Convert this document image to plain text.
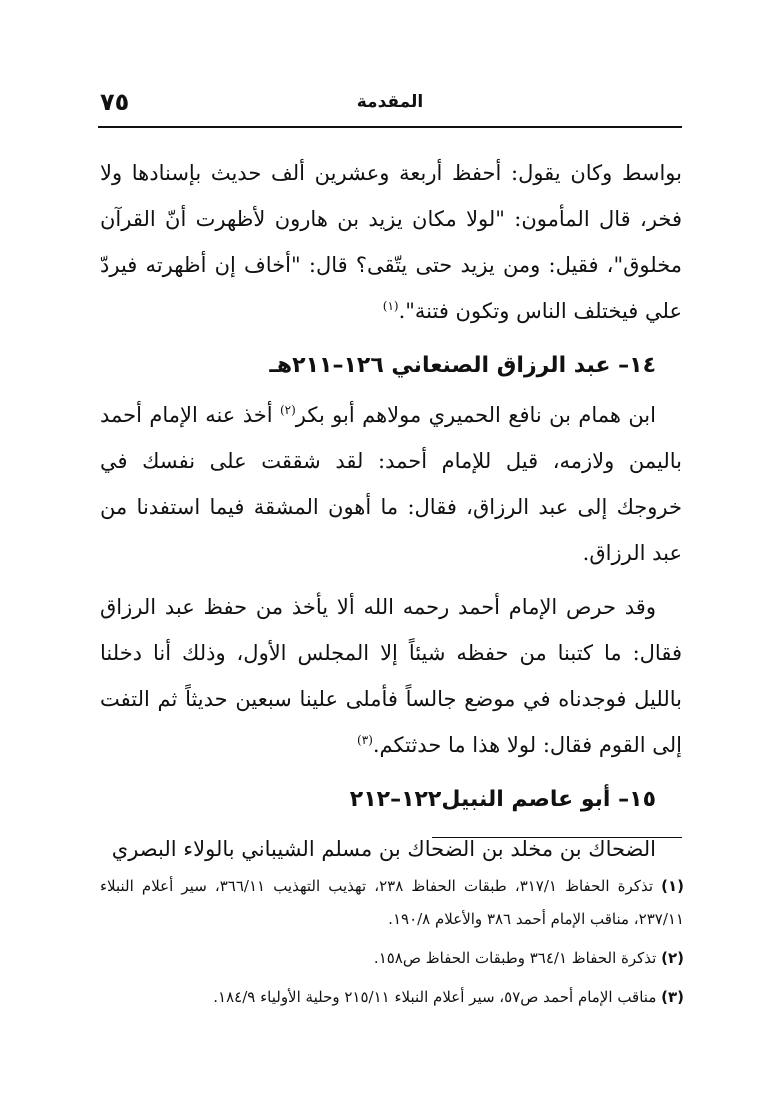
٧٥	المقدمة

بواسط وكان يقول: أحفظ أربعة وعشرين ألف حديث بإسنادها ولا فخر، قال المأمون: "لولا مكان يزيد بن هارون لأظهرت أنّ القرآن مخلوق"، فقيل: ومن يزيد حتى يتّقى؟ قال: "أخاف إن أظهرته فيردّ علي فيختلف الناس وتكون فتنة".$^{(١)}$

١٤– عبد الرزاق الصنعاني ١٢٦–٢١١هـ

ابن همام بن نافع الحميري مولاهم أبو بكر$^{(٢)}$ أخذ عنه الإمام أحمد باليمن ولازمه، قيل للإمام أحمد: لقد شققت على نفسك في خروجك إلى عبد الرزاق، فقال: ما أهون المشقة فيما استفدنا من عبد الرزاق.

وقد حرص الإمام أحمد رحمه الله ألا يأخذ من حفظ عبد الرزاق فقال: ما كتبنا من حفظه شيئاً إلا المجلس الأول، وذلك أنا دخلنا بالليل فوجدناه في موضع جالساً فأملى علينا سبعين حديثاً ثم التفت إلى القوم فقال: لولا هذا ما حدثتكم.$^{(٣)}$

١٥– أبو عاصم النبيل١٢٢–٢١٢

الضحاك بن مخلد بن الضحاك بن مسلم الشيباني بالولاء البصري

(١) تذكرة الحفاظ ٣١٧/١، طبقات الحفاظ ٢٣٨، تهذيب التهذيب ٣٦٦/١١، سير أعلام النبلاء ٢٣٧/١١، مناقب الإمام أحمد ٣٨٦ والأعلام ١٩٠/٨.

(٢) تذكرة الحفاظ ٣٦٤/١ وطبقات الحفاظ ص١٥٨.

(٣) مناقب الإمام أحمد ص٥٧، سير أعلام النبلاء ٢١٥/١١ وحلية الأولياء ١٨٤/٩.
